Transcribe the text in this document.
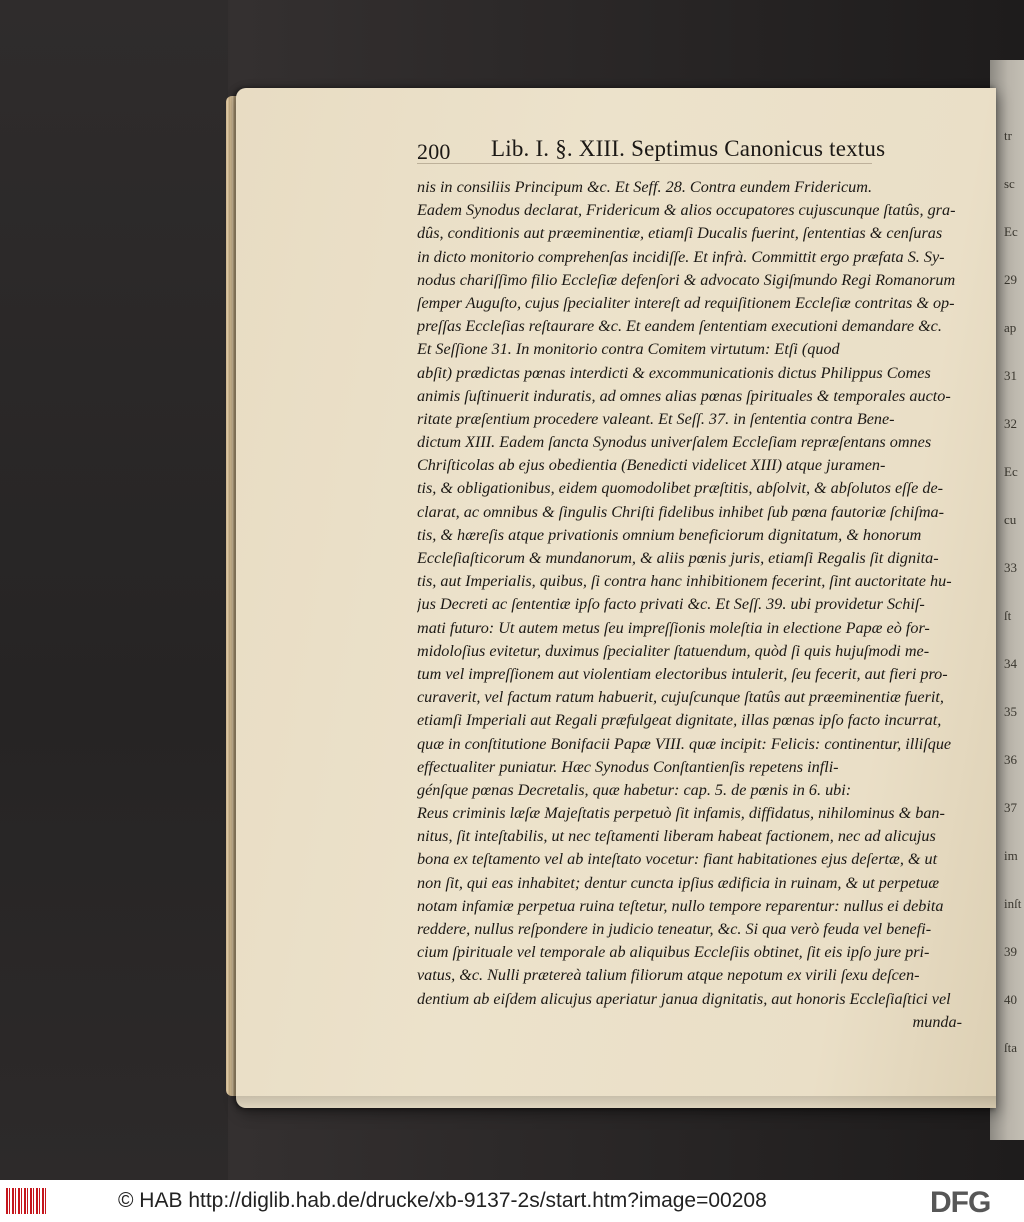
tr
sc
Ec
29
ap
31
32
Ec
cu
33
ſt
34
35
36
37
im
inſt
39
40
ſta
200 Lib. I. §. XIII. Septimus Canonicus textus
nis in consiliis Principum &c. Et Seff. 28. Contra eundem Fridericum.
Eadem Synodus declarat, Fridericum & alios occupatores cujuscunque ſtatûs, gra-
dûs, conditionis aut præeminentiæ, etiamſi Ducalis fuerint, ſententias & cenſuras
in dicto monitorio comprehenſas incidiſſe. Et infrà. Committit ergo præfata S. Sy-
nodus chariſſimo filio Eccleſiæ defenſori & advocato Sigiſmundo Regi Romanorum
ſemper Auguſto, cujus ſpecialiter intereſt ad requiſitionem Eccleſiæ contritas & op-
preſſas Eccleſias reſtaurare &c. Et eandem ſententiam executioni demandare &c.
Et Seſſione 31. In monitorio contra Comitem virtutum: Etſi (quod
abſit) prædictas pœnas interdicti & excommunicationis dictus Philippus Comes
animis ſuſtinuerit induratis, ad omnes alias pœnas ſpirituales & temporales aucto-
ritate præſentium procedere valeant. Et Seſſ. 37. in ſententia contra Bene-
dictum XIII. Eadem ſancta Synodus univerſalem Eccleſiam repræſentans omnes
Chriſticolas ab ejus obedientia (Benedicti videlicet XIII) atque juramen-
tis, & obligationibus, eidem quomodolibet præſtitis, abſolvit, & abſolutos eſſe de-
clarat, ac omnibus & ſingulis Chriſti fidelibus inhibet ſub pœna fautoriæ ſchiſma-
tis, & hæreſis atque privationis omnium beneficiorum dignitatum, & honorum
Eccleſiaſticorum & mundanorum, & aliis pœnis juris, etiamſi Regalis ſit dignita-
tis, aut Imperialis, quibus, ſi contra hanc inhibitionem fecerint, ſint auctoritate hu-
jus Decreti ac ſententiæ ipſo facto privati &c. Et Seſſ. 39. ubi providetur Schiſ-
mati futuro: Ut autem metus ſeu impreſſionis moleſtia in electione Papæ eò for-
midoloſius evitetur, duximus ſpecialiter ſtatuendum, quòd ſi quis hujuſmodi me-
tum vel impreſſionem aut violentiam electoribus intulerit, ſeu fecerit, aut fieri pro-
curaverit, vel factum ratum habuerit, cujuſcunque ſtatûs aut præeminentiæ fuerit,
etiamſi Imperiali aut Regali præfulgeat dignitate, illas pœnas ipſo facto incurrat,
quæ in conſtitutione Bonifacii Papæ VIII. quæ incipit: Felicis: continentur, illiſque
effectualiter puniatur. Hæc Synodus Conſtantienſis repetens infli-
génſque pœnas Decretalis, quæ habetur: cap. 5. de pœnis in 6. ubi:
Reus criminis læſæ Majeſtatis perpetuò ſit infamis, diffidatus, nihilominus & ban-
nitus, ſit inteſtabilis, ut nec teſtamenti liberam habeat factionem, nec ad alicujus
bona ex teſtamento vel ab inteſtato vocetur: fiant habitationes ejus deſertæ, & ut
non ſit, qui eas inhabitet; dentur cuncta ipſius ædificia in ruinam, & ut perpetuæ
notam infamiæ perpetua ruina teſtetur, nullo tempore reparentur: nullus ei debita
reddere, nullus reſpondere in judicio teneatur, &c. Si qua verò feuda vel benefi-
cium ſpirituale vel temporale ab aliquibus Eccleſiis obtinet, ſit eis ipſo jure pri-
vatus, &c. Nulli prætereà talium filiorum atque nepotum ex virili ſexu deſcen-
dentium ab eiſdem alicujus aperiatur janua dignitatis, aut honoris Eccleſiaſtici vel
munda-
© HAB http://diglib.hab.de/drucke/xb-9137-2s/start.htm?image=00208	DFG
